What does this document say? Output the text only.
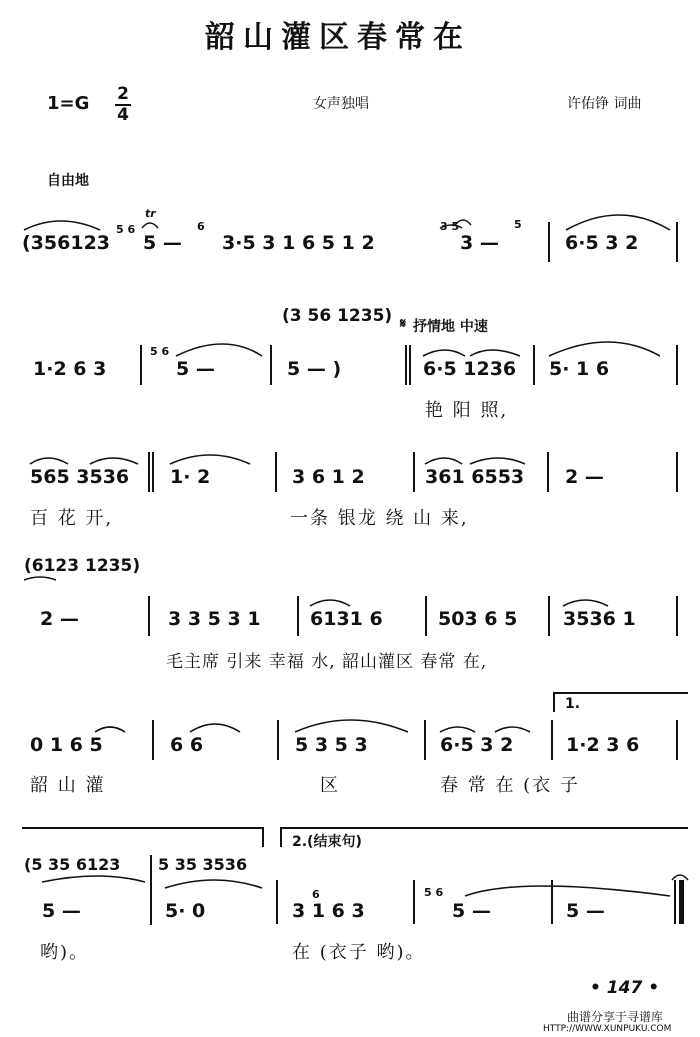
韶山灌区春常在
1=G 2
4
女声独唱	许佑铮 词曲
自由地
(356123
5 6
tr
5 —
6
3·5 3 1 6 5 1 2
3 5
3 —
5
6·5 3 2
(3 56 1235) 𝄋 抒情地 中速
1·2 6 3
5 6
5 —	5 — )	6·5 1236 5· 1 6
艳 阳 照,
565 3536 1· 2	3 6 1 2	361 6553 2 —
百 花 开,	一条 银龙 绕 山 来,
(6123 1235)
2 —	3 3 5 3 1	6131 6	503 6 5 3536 1
毛主席 引来 幸福 水, 韶山灌区 春常 在,
1.
0 1 6 5	6 6	5 3 5 3	6·5 3 2	1·2 3 6
韶 山 灌	区	春 常 在 (衣 子
2.(结束句)
(5 35 6123 5 35 3536
5 —	5· 0
6
3 1 6 3
5 6
5 —	5 —
哟)。	在 (衣子 哟)。
• 147 •
曲谱分享于寻谱库
HTTP://WWW.XUNPUKU.COM
